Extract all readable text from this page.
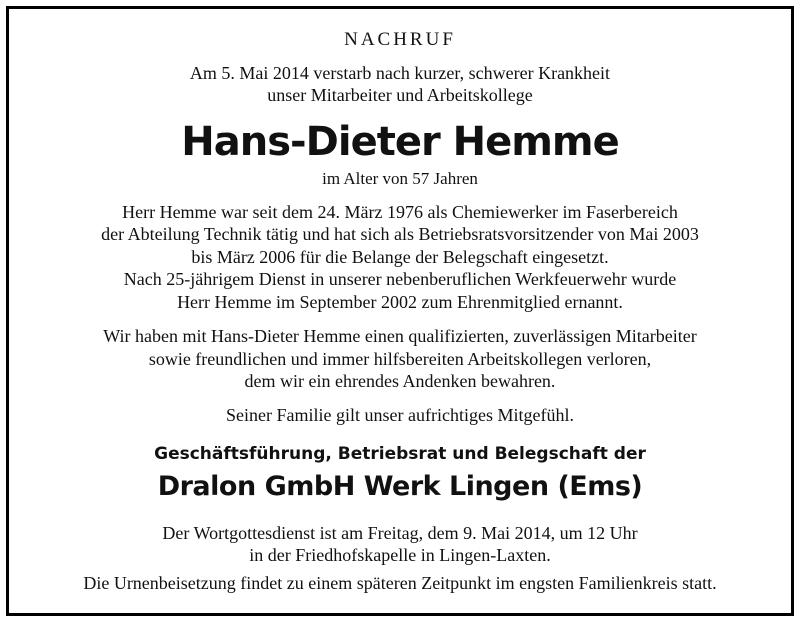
NACHRUF
Am 5. Mai 2014 verstarb nach kurzer, schwerer Krankheit
unser Mitarbeiter und Arbeitskollege
Hans-Dieter Hemme
im Alter von 57 Jahren
Herr Hemme war seit dem 24. März 1976 als Chemiewerker im Faserbereich
der Abteilung Technik tätig und hat sich als Betriebsratsvorsitzender von Mai 2003
bis März 2006 für die Belange der Belegschaft eingesetzt.
Nach 25-jährigem Dienst in unserer nebenberuflichen Werkfeuerwehr wurde
Herr Hemme im September 2002 zum Ehrenmitglied ernannt.
Wir haben mit Hans-Dieter Hemme einen qualifizierten, zuverlässigen Mitarbeiter
sowie freundlichen und immer hilfsbereiten Arbeitskollegen verloren,
dem wir ein ehrendes Andenken bewahren.
Seiner Familie gilt unser aufrichtiges Mitgefühl.
Geschäftsführung, Betriebsrat und Belegschaft der
Dralon GmbH Werk Lingen (Ems)
Der Wortgottesdienst ist am Freitag, dem 9. Mai 2014, um 12 Uhr
in der Friedhofskapelle in Lingen-Laxten.
Die Urnenbeisetzung findet zu einem späteren Zeitpunkt im engsten Familienkreis statt.
